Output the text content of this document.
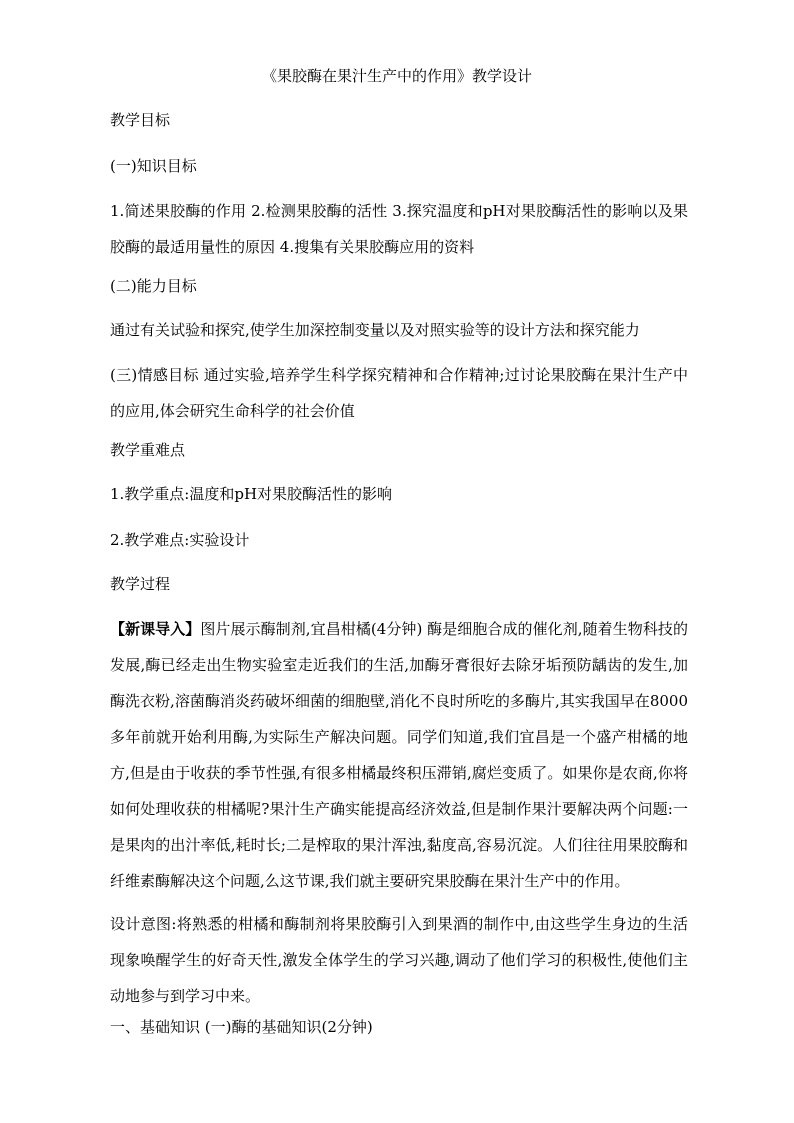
《果胶酶在果汁生产中的作用》教学设计

教学目标

(一)知识目标

1.简述果胶酶的作用 2.检测果胶酶的活性 3.探究温度和pH对果胶酶活性的影响以及果胶酶的最适用量性的原因 4.搜集有关果胶酶应用的资料

(二)能力目标

通过有关试验和探究,使学生加深控制变量以及对照实验等的设计方法和探究能力

(三)情感目标 通过实验,培养学生科学探究精神和合作精神;过讨论果胶酶在果汁生产中的应用,体会研究生命科学的社会价值

教学重难点

1.教学重点:温度和pH对果胶酶活性的影响

2.教学难点:实验设计

教学过程

【新课导入】图片展示酶制剂,宜昌柑橘(4分钟) 酶是细胞合成的催化剂,随着生物科技的发展,酶已经走出生物实验室走近我们的生活,加酶牙膏很好去除牙垢预防龋齿的发生,加酶洗衣粉,溶菌酶消炎药破坏细菌的细胞壁,消化不良时所吃的多酶片,其实我国早在8000多年前就开始利用酶,为实际生产解决问题。同学们知道,我们宜昌是一个盛产柑橘的地方,但是由于收获的季节性强,有很多柑橘最终积压滞销,腐烂变质了。如果你是农商,你将如何处理收获的柑橘呢?果汁生产确实能提高经济效益,但是制作果汁要解决两个问题:一是果肉的出汁率低,耗时长;二是榨取的果汁浑浊,黏度高,容易沉淀。人们往往用果胶酶和纤维素酶解决这个问题,么这节课,我们就主要研究果胶酶在果汁生产中的作用。

设计意图:将熟悉的柑橘和酶制剂将果胶酶引入到果酒的制作中,由这些学生身边的生活现象唤醒学生的好奇天性,激发全体学生的学习兴趣,调动了他们学习的积极性,使他们主动地参与到学习中来。

一、基础知识 (一)酶的基础知识(2分钟)
